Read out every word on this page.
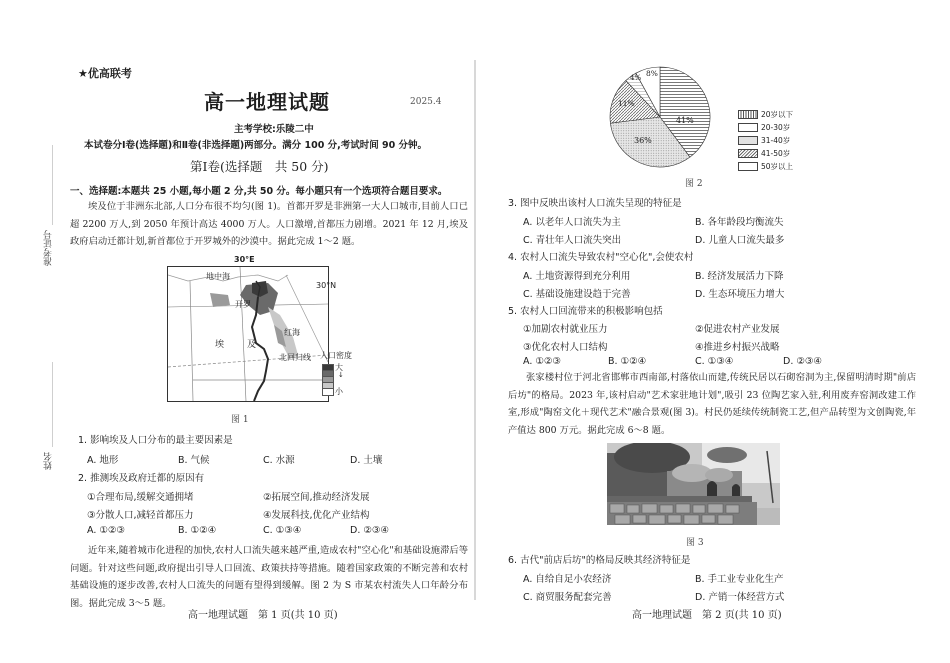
准考证号
姓名
★优高联考
高一地理试题	2025.4
主考学校:乐陵二中
本试卷分Ⅰ卷(选择题)和Ⅱ卷(非选择题)两部分。满分 100 分,考试时间 90 分钟。
第Ⅰ卷(选择题　共 50 分)
一、选择题:本题共 25 小题,每小题 2 分,共 50 分。每小题只有一个选项符合题目要求。
埃及位于非洲东北部,人口分布很不均匀(图 1)。首都开罗是非洲第一大人口城市,目前人口已超 2200 万人,到 2050 年预计高达 4000 万人。人口激增,首都压力剧增。2021 年 12 月,埃及政府启动迁都计划,新首都位于开罗城外的沙漠中。据此完成 1～2 题。
30°E
地中海
开罗
埃	及
红海
北回归线
30°N
人口密度
大
↓
小
图 1
1. 影响埃及人口分布的最主要因素是
A. 地形	B. 气候	C. 水源	D. 土壤
2. 推测埃及政府迁都的原因有
①合理布局,缓解交通拥堵	②拓展空间,推动经济发展
③分散人口,减轻首都压力	④发展科技,优化产业结构
A. ①②③	B. ①②④	C. ①③④	D. ②③④
近年来,随着城市化进程的加快,农村人口流失越来越严重,造成农村"空心化"和基础设施滞后等问题。针对这些问题,政府提出引导人口回流、政策扶持等措施。随着国家政策的不断完善和农村基础设施的逐步改善,农村人口流失的问题有望得到缓解。图 2 为 S 市某农村流失人口年龄分布图。据此完成 3～5 题。
高一地理试题　第 1 页(共 10 页)
41%
36%
11%
4% 8%
20岁以下
20-30岁
31-40岁
41-50岁
50岁以上
图 2
3. 图中反映出该村人口流失呈现的特征是
A. 以老年人口流失为主	B. 各年龄段均衡流失
C. 青壮年人口流失突出	D. 儿童人口流失最多
4. 农村人口流失导致农村"空心化",会使农村
A. 土地资源得到充分利用	B. 经济发展活力下降
C. 基础设施建设趋于完善	D. 生态环境压力增大
5. 农村人口回流带来的积极影响包括
①加剧农村就业压力	②促进农村产业发展
③优化农村人口结构	④推进乡村振兴战略
A. ①②③	B. ①②④	C. ①③④	D. ②③④
张家楼村位于河北省邯郸市西南部,村落依山而建,传统民居以石砌窑洞为主,保留明清时期"前店后坊"的格局。2023 年,该村启动"艺术家驻地计划",吸引 23 位陶艺家入驻,利用废弃窑洞改建工作室,形成"陶窑文化＋现代艺术"融合景观(图 3)。村民仍延续传统制瓷工艺,但产品转型为文创陶瓷,年产值达 800 万元。据此完成 6～8 题。
图 3
6. 古代"前店后坊"的格局反映其经济特征是
A. 自给自足小农经济	B. 手工业专业化生产
C. 商贸服务配套完善	D. 产销一体经营方式
高一地理试题　第 2 页(共 10 页)
